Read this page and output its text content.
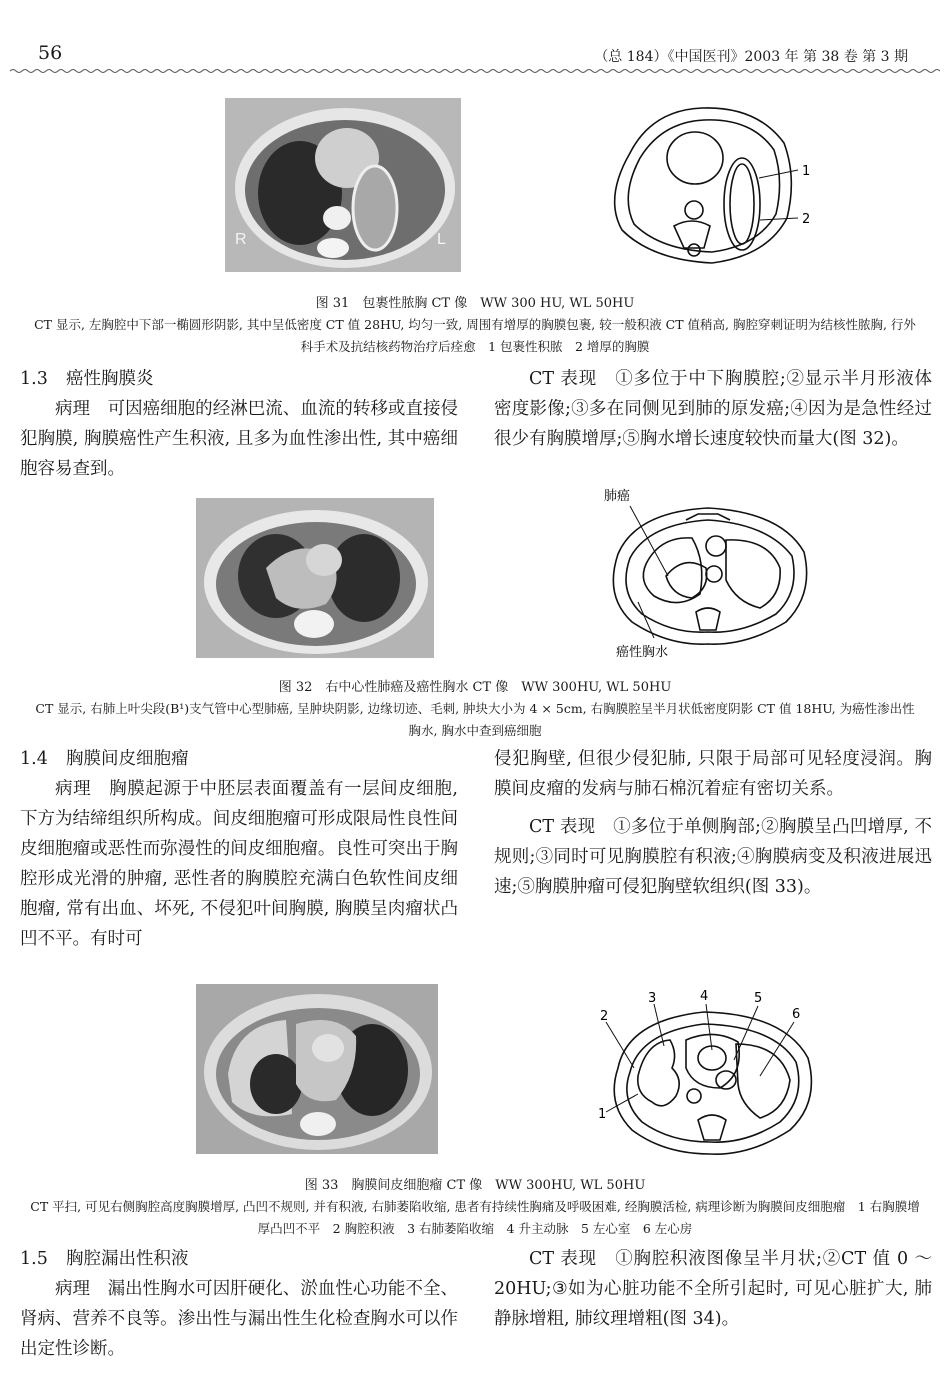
56	（总 184）《中国医刊》2003 年 第 38 卷 第 3 期
R	L
1
2
图 31　包裹性脓胸 CT 像　WW 300 HU, WL 50HU
CT 显示, 左胸腔中下部一椭圆形阴影, 其中呈低密度 CT 值 28HU, 均匀一致, 周围有增厚的胸膜包裹, 较一般积液 CT 值稍高, 胸腔穿刺证明为结核性脓胸, 行外科手术及抗结核药物治疗后痊愈　1 包裹性积脓　2 增厚的胸膜

1.3 癌性胸膜炎

病理　可因癌细胞的经淋巴流、血流的转移或直接侵犯胸膜, 胸膜癌性产生积液, 且多为血性渗出性, 其中癌细胞容易查到。

CT 表现　①多位于中下胸膜腔;②显示半月形液体密度影像;③多在同侧见到肺的原发癌;④因为是急性经过很少有胸膜增厚;⑤胸水增长速度较快而量大(图 32)。

肺癌
癌性胸水
图 32　右中心性肺癌及癌性胸水 CT 像　WW 300HU, WL 50HU
CT 显示, 右肺上叶尖段(B¹)支气管中心型肺癌, 呈肿块阴影, 边缘切迹、毛刺, 肿块大小为 4 × 5cm, 右胸膜腔呈半月状低密度阴影 CT 值 18HU, 为癌性渗出性胸水, 胸水中查到癌细胞

1.4 胸膜间皮细胞瘤

病理　胸膜起源于中胚层表面覆盖有一层间皮细胞, 下方为结缔组织所构成。间皮细胞瘤可形成限局性良性间皮细胞瘤或恶性而弥漫性的间皮细胞瘤。良性可突出于胸腔形成光滑的肿瘤, 恶性者的胸膜腔充满白色软性间皮细胞瘤, 常有出血、坏死, 不侵犯叶间胸膜, 胸膜呈肉瘤状凸凹不平。有时可

侵犯胸壁, 但很少侵犯肺, 只限于局部可见轻度浸润。胸膜间皮瘤的发病与肺石棉沉着症有密切关系。

CT 表现　①多位于单侧胸部;②胸膜呈凸凹增厚, 不规则;③同时可见胸膜腔有积液;④胸膜病变及积液进展迅速;⑤胸膜肿瘤可侵犯胸壁软组织(图 33)。

1
2
3	4	5
6
图 33　胸膜间皮细胞瘤 CT 像　WW 300HU, WL 50HU
CT 平扫, 可见右侧胸腔高度胸膜增厚, 凸凹不规则, 并有积液, 右肺萎陷收缩, 患者有持续性胸痛及呼吸困难, 经胸膜活检, 病理诊断为胸膜间皮细胞瘤　1 右胸膜增厚凸凹不平　2 胸腔积液　3 右肺萎陷收缩　4 升主动脉　5 左心室　6 左心房

1.5 胸腔漏出性积液

病理　漏出性胸水可因肝硬化、淤血性心功能不全、肾病、营养不良等。渗出性与漏出性生化检查胸水可以作出定性诊断。

CT 表现　①胸腔积液图像呈半月状;②CT 值 0 ～20HU;③如为心脏功能不全所引起时, 可见心脏扩大, 肺静脉增粗, 肺纹理增粗(图 34)。
